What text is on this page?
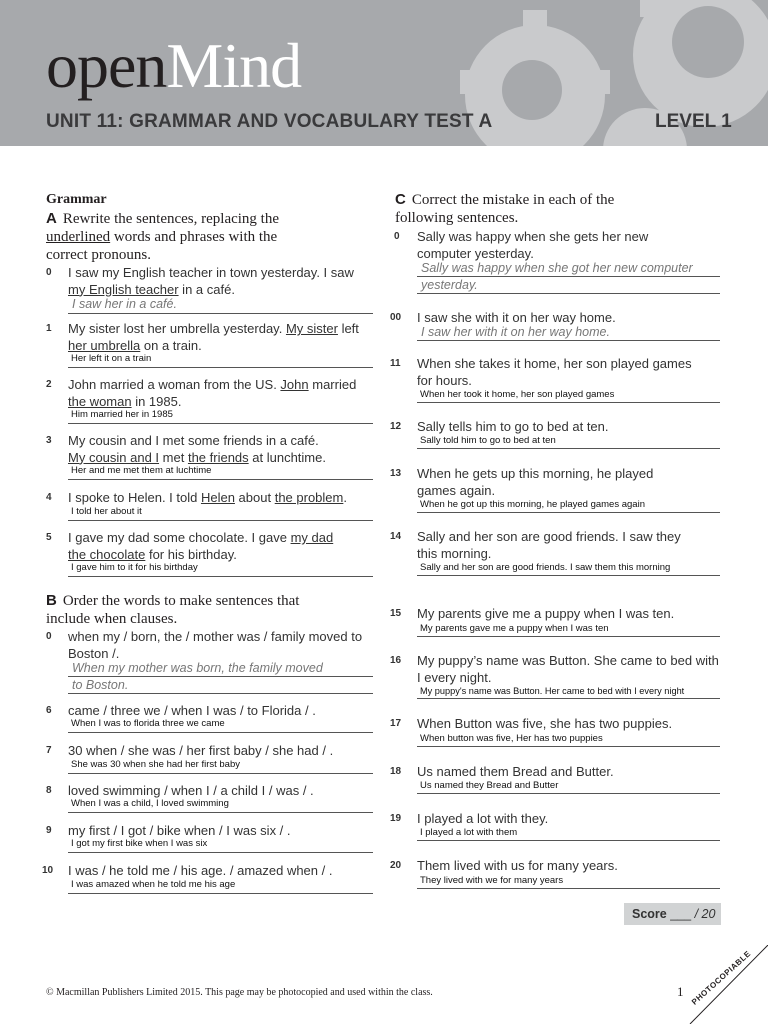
openMind
UNIT 11: GRAMMAR AND VOCABULARY TEST A	LEVEL 1
Grammar
A Rewrite the sentences, replacing the
underlined words and phrases with the
correct pronouns.
0 I saw my English teacher in town yesterday. I saw
my English teacher in a café.
I saw her in a café.
1 My sister lost her umbrella yesterday. My sister left
her umbrella on a train.
Her left it on a train
2 John married a woman from the US. John married
the woman in 1985.
Him married her in 1985
3 My cousin and I met some friends in a café.
My cousin and I met the friends at lunchtime.
Her and me met them at luchtime
4 I spoke to Helen. I told Helen about the problem.
I told her about it
5 I gave my dad some chocolate. I gave my dad
the chocolate for his birthday.
I gave him to it for his birthday
B Order the words to make sentences that
include when clauses.
0 when my / born, the / mother was / family moved to
Boston /.
When my mother was born, the family moved
to Boston.
6 came / three we / when I was / to Florida / .
When I was to florida three we came
7 30 when / she was / her first baby / she had / .
She was 30 when she had her first baby
8 loved swimming / when I / a child I / was / .
When I was a child, I loved swimming
9 my first / I got / bike when / I was six / .
I got my first bike when I was six
10 I was / he told me / his age. / amazed when / .
I was amazed when he told me his age
C Correct the mistake in each of the
following sentences.
0 Sally was happy when she gets her new
computer yesterday.
Sally was happy when she got her new computer
yesterday.
00 I saw she with it on her way home.
I saw her with it on her way home.
11 When she takes it home, her son played games
for hours.
When her took it home, her son played games
12 Sally tells him to go to bed at ten.
Sally told him to go to bed at ten
13 When he gets up this morning, he played
games again.
When he got up this morning, he played games again
14 Sally and her son are good friends. I saw they
this morning.
Sally and her son are good friends. I saw them this morning
15 My parents give me a puppy when I was ten.
My parents gave me a puppy when I was ten
16 My puppy’s name was Button. She came to bed with
I every night.
My puppy's name was Button. Her came to bed with I every night
17 When Button was five, she has two puppies.
When button was five, Her has two puppies
18 Us named them Bread and Butter.
Us named they Bread and Butter
19 I played a lot with they.
I played a lot with them
20 Them lived with us for many years.
They lived with we for many years
Score ___ / 20
© Macmillan Publishers Limited 2015. This page may be photocopied and used within the class.	1 PHOTOCOPIABLE
